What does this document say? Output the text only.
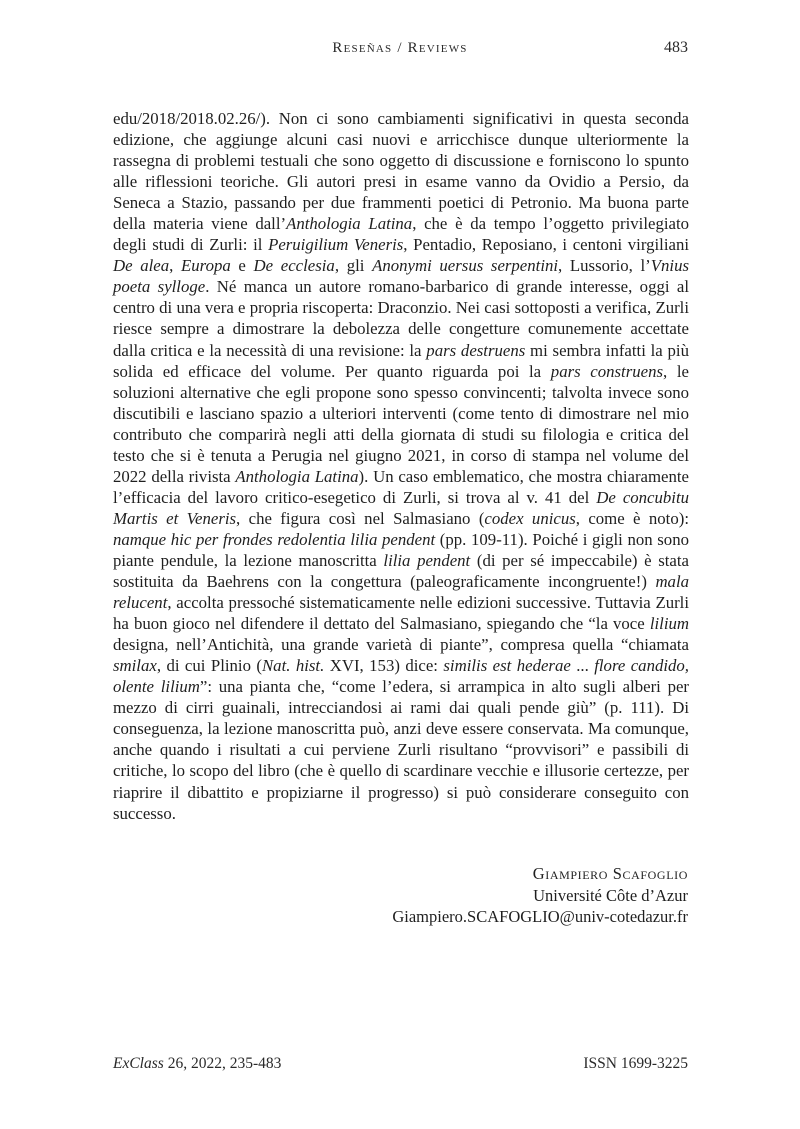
Reseñas / Reviews	483

edu/2018/2018.02.26/). Non ci sono cambiamenti significativi in questa seconda edizione, che aggiunge alcuni casi nuovi e arricchisce dunque ulteriormente la rassegna di problemi testuali che sono oggetto di discussione e forniscono lo spunto alle riflessioni teoriche. Gli autori presi in esame vanno da Ovidio a Persio, da Seneca a Stazio, passando per due frammenti poetici di Petronio. Ma buona parte della materia viene dall’Anthologia Latina, che è da tempo l’oggetto privilegiato degli studi di Zurli: il Peruigilium Veneris, Pentadio, Reposiano, i centoni virgiliani De alea, Europa e De ecclesia, gli Anonymi uersus serpentini, Lussorio, l’Vnius poeta sylloge. Né manca un autore romano-barbarico di grande interesse, oggi al centro di una vera e propria riscoperta: Draconzio. Nei casi sottoposti a verifica, Zurli riesce sempre a dimostrare la debolezza delle congetture comunemente accettate dalla critica e la necessità di una revisione: la pars destruens mi sembra infatti la più solida ed efficace del volume. Per quanto riguarda poi la pars construens, le soluzioni alternative che egli propone sono spesso convincenti; talvolta invece sono discutibili e lasciano spazio a ulteriori interventi (come tento di dimostrare nel mio contributo che comparirà negli atti della giornata di studi su filologia e critica del testo che si è tenuta a Perugia nel giugno 2021, in corso di stampa nel volume del 2022 della rivista Anthologia Latina). Un caso emblematico, che mostra chiaramente l’efficacia del lavoro critico-esegetico di Zurli, si trova al v. 41 del De concubitu Martis et Veneris, che figura così nel Salmasiano (codex unicus, come è noto): namque hic per frondes redolentia lilia pendent (pp. 109-11). Poiché i gigli non sono piante pendule, la lezione manoscritta lilia pendent (di per sé impeccabile) è stata sostituita da Baehrens con la congettura (paleograficamente incongruente!) mala relucent, accolta pressoché sistematicamente nelle edizioni successive. Tuttavia Zurli ha buon gioco nel difendere il dettato del Salmasiano, spiegando che “la voce lilium designa, nell’Antichità, una grande varietà di piante”, compresa quella “chiamata smilax, di cui Plinio (Nat. hist. XVI, 153) dice: similis est hederae ... flore candido, olente lilium”: una pianta che, “come l’edera, si arrampica in alto sugli alberi per mezzo di cirri guainali, intrecciandosi ai rami dai quali pende giù” (p. 111). Di conseguenza, la lezione manoscritta può, anzi deve essere conservata. Ma comunque, anche quando i risultati a cui perviene Zurli risultano “provvisori” e passibili di critiche, lo scopo del libro (che è quello di scardinare vecchie e illusorie certezze, per riaprire il dibattito e propiziarne il progresso) si può considerare conseguito con successo.

Giampiero Scafoglio
Université Côte d’Azur
Giampiero.SCAFOGLIO@univ-cotedazur.fr
ExClass 26, 2022, 235-483	ISSN 1699-3225
